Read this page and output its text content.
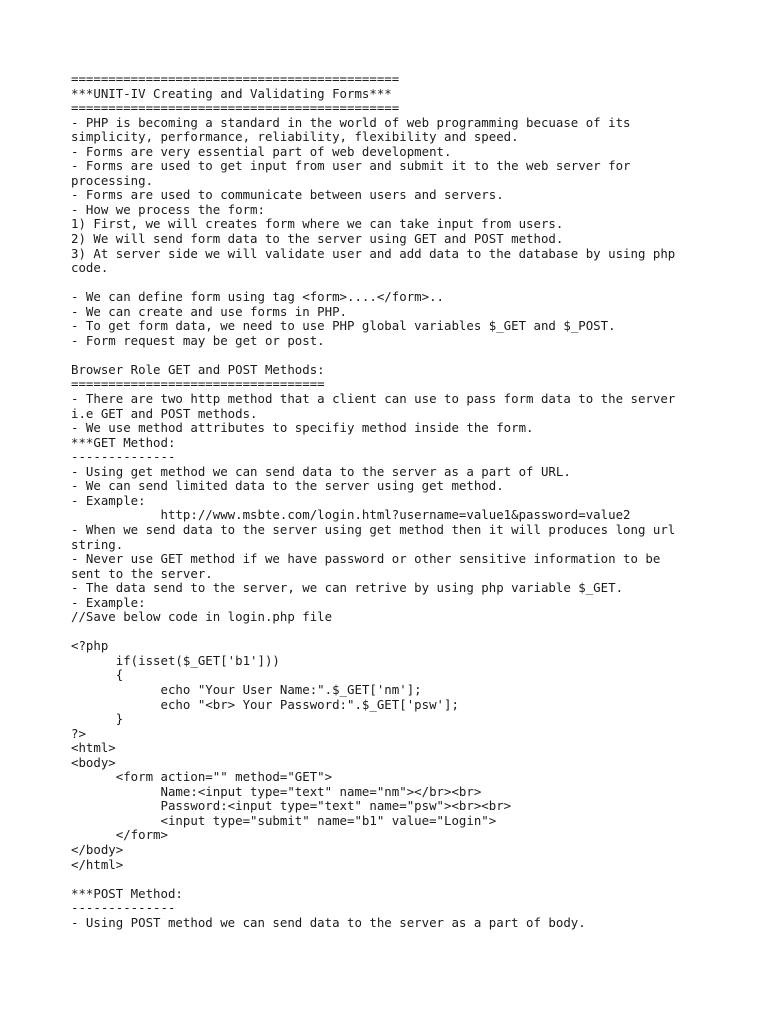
============================================
***UNIT-IV Creating and Validating Forms***
============================================
- PHP is becoming a standard in the world of web programming becuase of its
simplicity, performance, reliability, flexibility and speed.
- Forms are very essential part of web development.
- Forms are used to get input from user and submit it to the web server for
processing.
- Forms are used to communicate between users and servers.
- How we process the form:
1) First, we will creates form where we can take input from users.
2) We will send form data to the server using GET and POST method.
3) At server side we will validate user and add data to the database by using php
code.
- We can define form using tag <form>....</form>..
- We can create and use forms in PHP.
- To get form data, we need to use PHP global variables $_GET and $_POST.
- Form request may be get or post.
Browser Role GET and POST Methods:
==================================
- There are two http method that a client can use to pass form data to the server
i.e GET and POST methods.
- We use method attributes to specifiy method inside the form.
***GET Method:
--------------
- Using get method we can send data to the server as a part of URL.
- We can send limited data to the server using get method.
- Example:
http://www.msbte.com/login.html?username=value1&password=value2
- When we send data to the server using get method then it will produces long url
string.
- Never use GET method if we have password or other sensitive information to be
sent to the server.
- The data send to the server, we can retrive by using php variable $_GET.
- Example:
//Save below code in login.php file
<?php
if(isset($_GET['b1']))
{
echo "Your User Name:".$_GET['nm'];
echo "<br> Your Password:".$_GET['psw'];
}
?>
<html>
<body>
<form action="" method="GET">
Name:<input type="text" name="nm"></br><br>
Password:<input type="text" name="psw"><br><br>
<input type="submit" name="b1" value="Login">
</form>
</body>
</html>
***POST Method:
--------------
- Using POST method we can send data to the server as a part of body.
